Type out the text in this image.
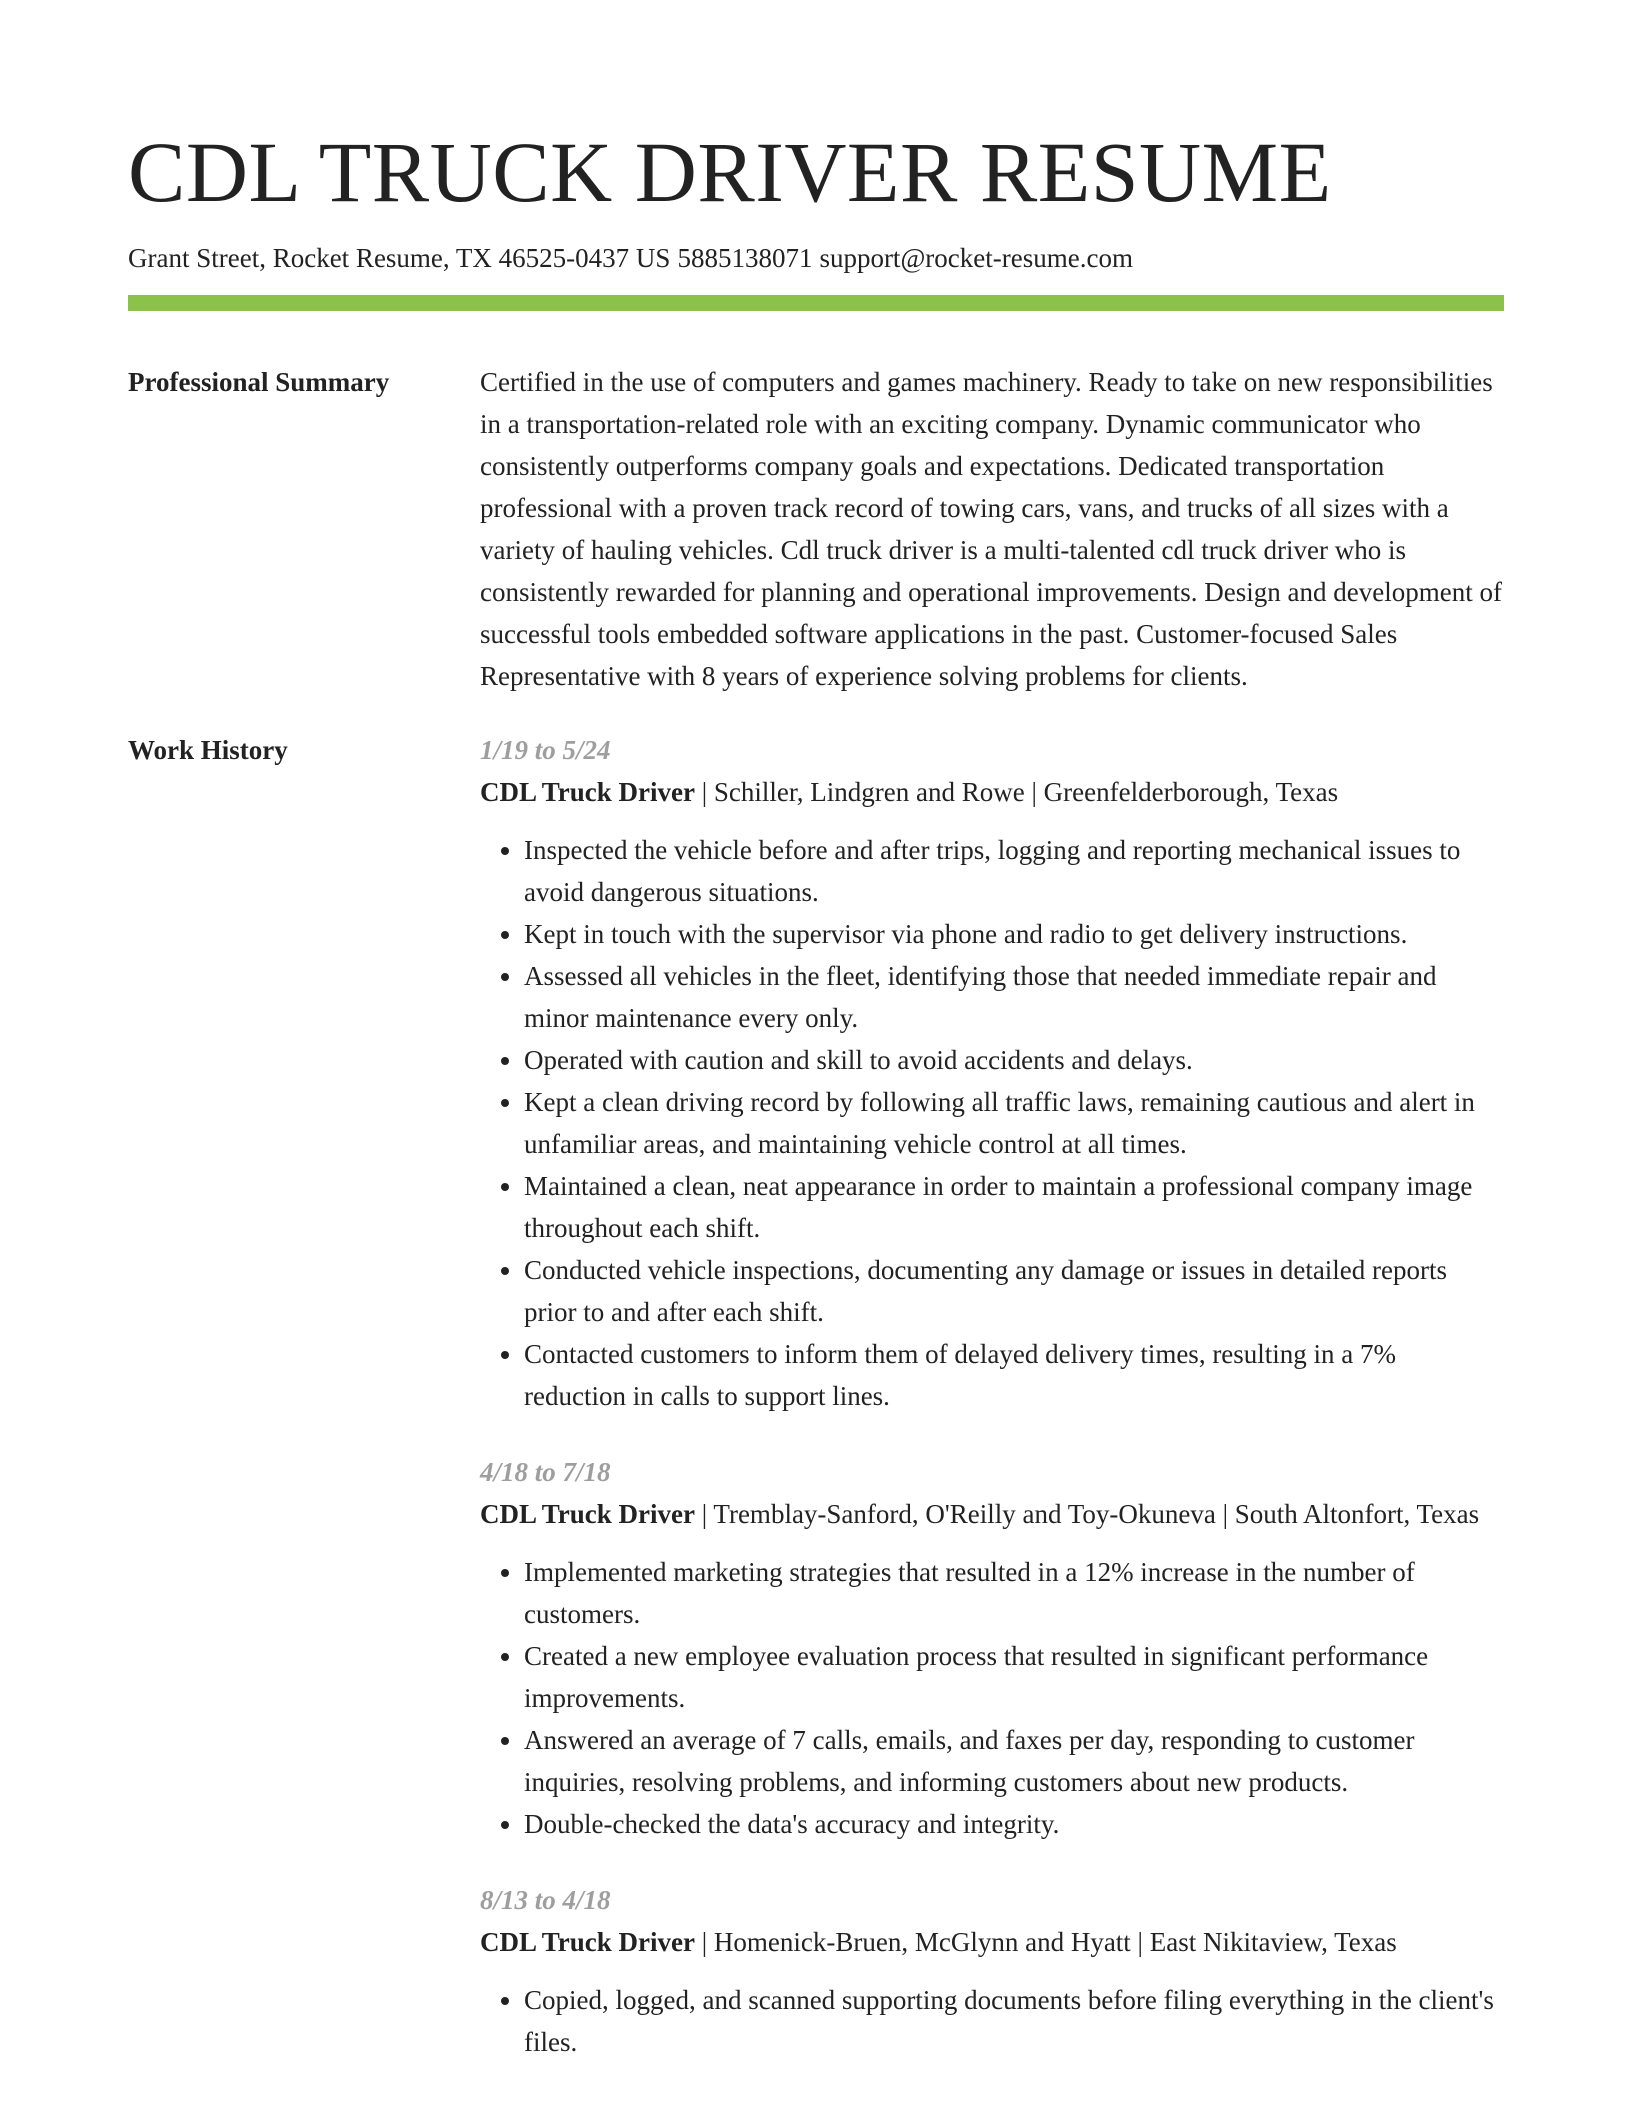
CDL TRUCK DRIVER RESUME
Grant Street, Rocket Resume, TX 46525-0437 US 5885138071 support@rocket-resume.com
Professional Summary	Certified in the use of computers and games machinery. Ready to take on new responsibilities in a transportation-related role with an exciting company. Dynamic communicator who consistently outperforms company goals and expectations. Dedicated transportation professional with a proven track record of towing cars, vans, and trucks of all sizes with a variety of hauling vehicles. Cdl truck driver is a multi-talented cdl truck driver who is consistently rewarded for planning and operational improvements. Design and development of successful tools embedded software applications in the past. Customer-focused Sales Representative with 8 years of experience solving problems for clients.

Work History	1/19 to 5/24
CDL Truck Driver | Schiller, Lindgren and Rowe | Greenfelderborough, Texas
• Inspected the vehicle before and after trips, logging and reporting mechanical issues to avoid dangerous situations.
• Kept in touch with the supervisor via phone and radio to get delivery instructions.
• Assessed all vehicles in the fleet, identifying those that needed immediate repair and minor maintenance every only.
• Operated with caution and skill to avoid accidents and delays.
• Kept a clean driving record by following all traffic laws, remaining cautious and alert in unfamiliar areas, and maintaining vehicle control at all times.
• Maintained a clean, neat appearance in order to maintain a professional company image throughout each shift.
• Conducted vehicle inspections, documenting any damage or issues in detailed reports prior to and after each shift.
• Contacted customers to inform them of delayed delivery times, resulting in a 7% reduction in calls to support lines.
4/18 to 7/18
CDL Truck Driver | Tremblay-Sanford, O'Reilly and Toy-Okuneva | South Altonfort, Texas
• Implemented marketing strategies that resulted in a 12% increase in the number of customers.
• Created a new employee evaluation process that resulted in significant performance improvements.
• Answered an average of 7 calls, emails, and faxes per day, responding to customer inquiries, resolving problems, and informing customers about new products.
• Double-checked the data's accuracy and integrity.
8/13 to 4/18
CDL Truck Driver | Homenick-Bruen, McGlynn and Hyatt | East Nikitaview, Texas
• Copied, logged, and scanned supporting documents before filing everything in the client's files.
